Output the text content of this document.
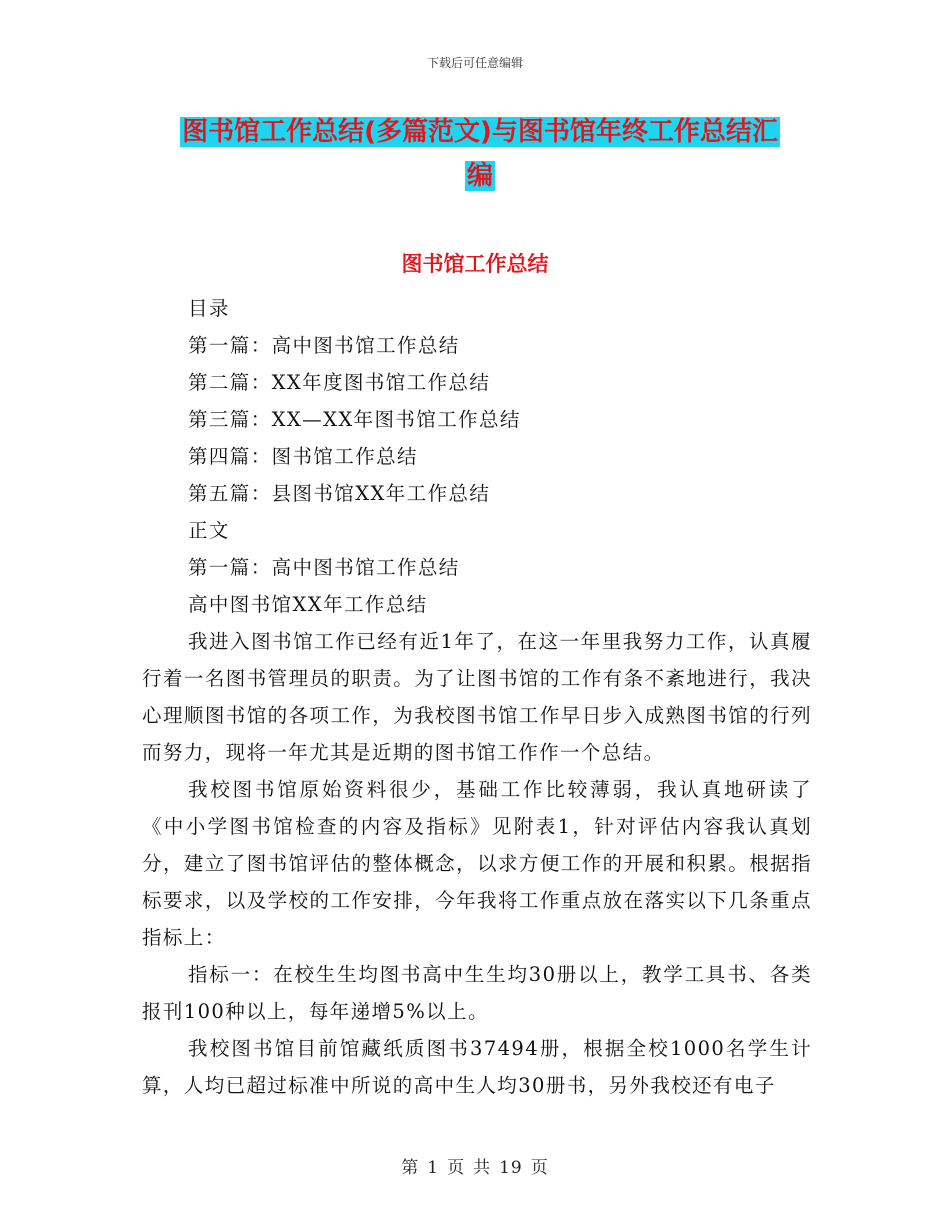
下载后可任意编辑
图书馆工作总结(多篇范文)与图书馆年终工作总结汇
编
图书馆工作总结
目录
第一篇：高中图书馆工作总结
第二篇：XX年度图书馆工作总结
第三篇：XX—XX年图书馆工作总结
第四篇：图书馆工作总结
第五篇：县图书馆XX年工作总结
正文
第一篇：高中图书馆工作总结
高中图书馆XX年工作总结
我进入图书馆工作已经有近1年了，在这一年里我努力工作，认真履行着一名图书管理员的职责。为了让图书馆的工作有条不紊地进行，我决心理顺图书馆的各项工作，为我校图书馆工作早日步入成熟图书馆的行列而努力，现将一年尤其是近期的图书馆工作作一个总结。
我校图书馆原始资料很少，基础工作比较薄弱，我认真地研读了《中小学图书馆检查的内容及指标》见附表1，针对评估内容我认真划分，建立了图书馆评估的整体概念，以求方便工作的开展和积累。根据指标要求，以及学校的工作安排，今年我将工作重点放在落实以下几条重点指标上：
指标一：在校生生均图书高中生生均30册以上，教学工具书、各类报刊100种以上，每年递增5%以上。
我校图书馆目前馆藏纸质图书37494册，根据全校1000名学生计算，人均已超过标准中所说的高中生人均30册书，另外我校还有电子
第 1 页 共 19 页
